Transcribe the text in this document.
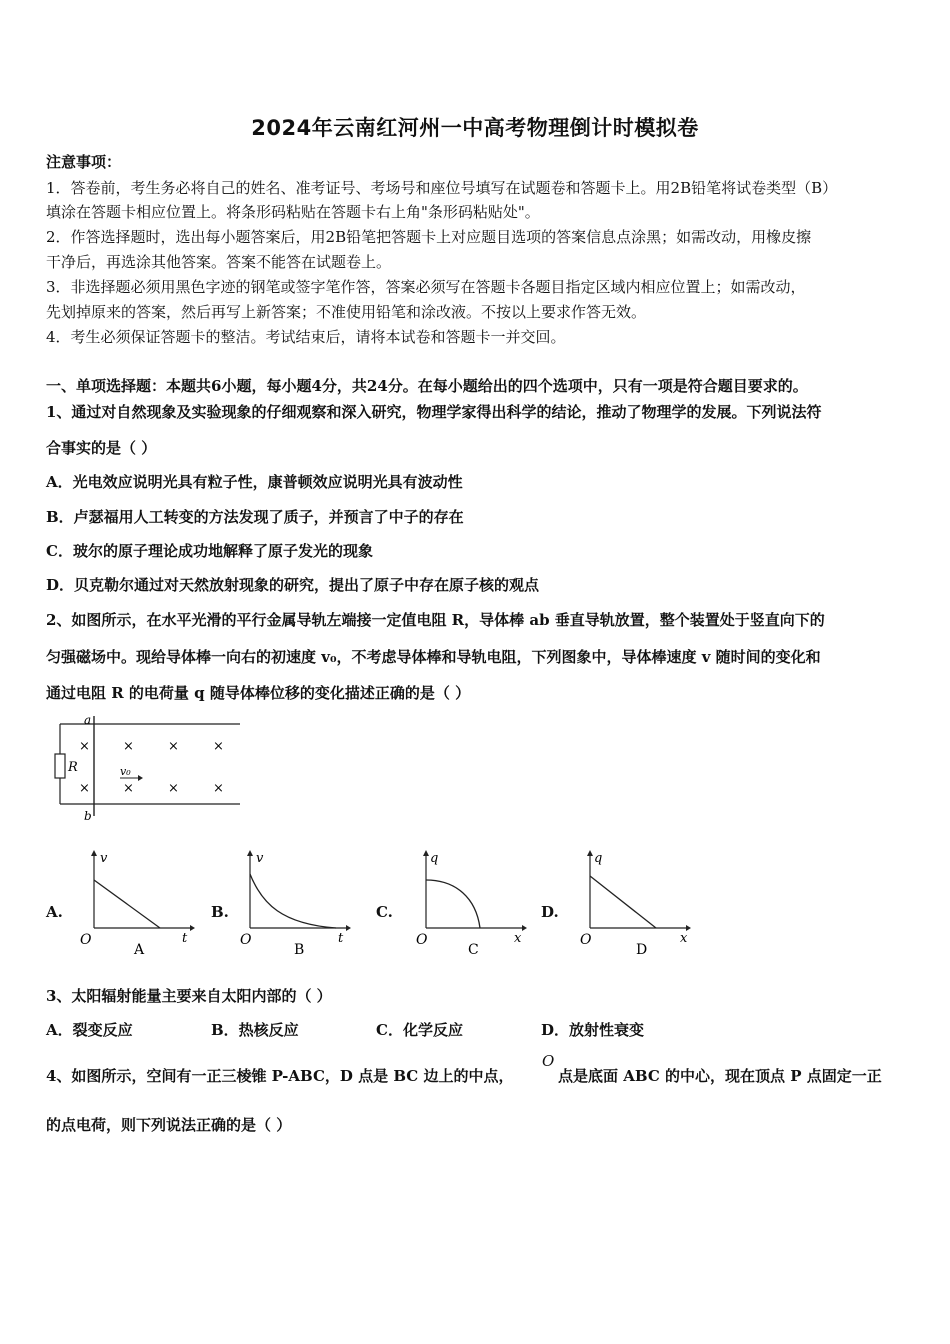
2024年云南红河州一中高考物理倒计时模拟卷
注意事项：
1．答卷前，考生务必将自己的姓名、准考证号、考场号和座位号填写在试题卷和答题卡上。用2B铅笔将试卷类型（B）
填涂在答题卡相应位置上。将条形码粘贴在答题卡右上角"条形码粘贴处"。
2．作答选择题时，选出每小题答案后，用2B铅笔把答题卡上对应题目选项的答案信息点涂黑；如需改动，用橡皮擦
干净后，再选涂其他答案。答案不能答在试题卷上。
3．非选择题必须用黑色字迹的钢笔或签字笔作答，答案必须写在答题卡各题目指定区域内相应位置上；如需改动，
先划掉原来的答案，然后再写上新答案；不准使用铅笔和涂改液。不按以上要求作答无效。
4．考生必须保证答题卡的整洁。考试结束后，请将本试卷和答题卡一并交回。
一、单项选择题：本题共6小题，每小题4分，共24分。在每小题给出的四个选项中，只有一项是符合题目要求的。
1、通过对自然现象及实验现象的仔细观察和深入研究，物理学家得出科学的结论，推动了物理学的发展。下列说法符
合事实的是（ ）
A．光电效应说明光具有粒子性，康普顿效应说明光具有波动性
B．卢瑟福用人工转变的方法发现了质子，并预言了中子的存在
C．玻尔的原子理论成功地解释了原子发光的现象
D．贝克勒尔通过对天然放射现象的研究，提出了原子中存在原子核的观点
2、如图所示，在水平光滑的平行金属导轨左端接一定值电阻 R，导体棒 ab 垂直导轨放置，整个装置处于竖直向下的
匀强磁场中。现给导体棒一向右的初速度 v₀，不考虑导体棒和导轨电阻，下列图象中，导体棒速度 v 随时间的变化和
通过电阻 R 的电荷量 q 随导体棒位移的变化描述正确的是（ ）
R
a
b
v₀
×	×	×	×
×	×	×	×
A.
v
t
O
A
B.
v
t
O
B
C.
q
x
O
C
D.
q
x
O
D
3、太阳辐射能量主要来自太阳内部的（ ）
A．裂变反应	B．热核反应	C．化学反应	D．放射性衰变
4、如图所示，空间有一正三棱锥 P-ABC，D 点是 BC 边上的中点，
O
点是底面 ABC 的中心，现在顶点 P 点固定一正
的点电荷，则下列说法正确的是（ ）
